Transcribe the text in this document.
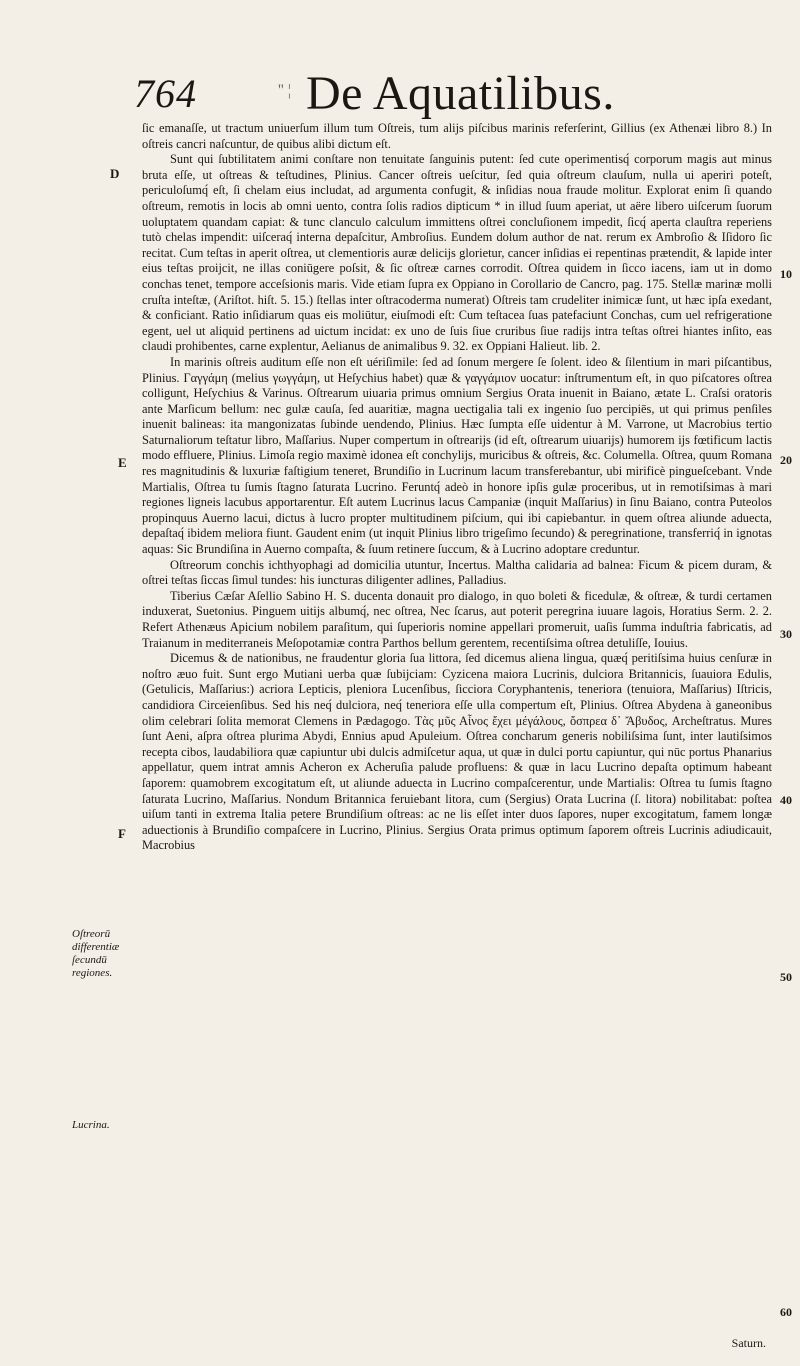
764	'' ¦ De Aquatilibus.
D
E
F
10
20
30
40
50
60
Oſtreorū differentiæ ſecundū regiones.
Lucrina.

ſic emanaſſe, ut tractum uniuerſum illum tum Oſtreis, tum alijs piſcibus marinis referſerint, Gillius (ex Athenæi libro 8.) In oſtreis cancri naſcuntur, de quibus alibi dictum eſt.

Sunt qui ſubtilitatem animi conſtare non tenuitate ſanguinis putent: ſed cute operimentisq́ corporum magis aut minus bruta eſſe, ut oſtreas & teſtudines, Plinius. Cancer oſtreis ueſcitur, ſed quia oſtreum clauſum, nulla ui aperiri poteſt, periculoſumq́ eſt, ſi chelam eius includat, ad argumenta confugit, & inſidias noua fraude molitur. Explorat enim ſi quando oſtreum, remotis in locis ab omni uento, contra ſolis radios dipticum * in illud ſuum aperiat, ut aëre libero uiſcerum ſuorum uoluptatem quandam capiat: & tunc clanculo calculum immittens oſtrei concluſionem impedit, ſicq́ aperta clauſtra reperiens tutò chelas impendit: uiſceraq́ interna depaſcitur, Ambroſius. Eundem dolum author de nat. rerum ex Ambroſio & Iſidoro ſic recitat. Cum teſtas in aperit oſtrea, ut clementioris auræ delicijs glorietur, cancer inſidias ei repentinas prætendit, & lapide inter eius teſtas proijcit, ne illas coniūgere poſsit, & ſic oſtreæ carnes corrodit. Oſtrea quidem in ſicco iacens, iam ut in domo conchas tenet, tempore acceſsionis maris. Vide etiam ſupra ex Oppiano in Corollario de Cancro, pag. 175. Stellæ marinæ molli cruſta inteſtæ, (Ariſtot. hiſt. 5. 15.) ſtellas inter oſtracoderma numerat) Oſtreis tam crudeliter inimicæ ſunt, ut hæc ipſa exedant, & conficiant. Ratio inſidiarum quas eis moliūtur, eiuſmodi eſt: Cum teſtacea ſuas patefaciunt Conchas, cum uel refrigeratione egent, uel ut aliquid pertinens ad uictum incidat: ex uno de ſuis ſiue cruribus ſiue radijs intra teſtas oſtrei hiantes inſito, eas claudi prohibentes, carne explentur, Aelianus de animalibus 9. 32. ex Oppiani Halieut. lib. 2.

In marinis oſtreis auditum eſſe non eſt uériſimile: ſed ad ſonum mergere ſe ſolent. ideo & ſilentium in mari piſcantibus, Plinius. Γαγγάμη (melius γωγγάμη, ut Heſychius habet) quæ & γαγγάμιον uocatur: inſtrumentum eſt, in quo piſcatores oſtrea colligunt, Heſychius & Varinus. Oſtrearum uiuaria primus omnium Sergius Orata inuenit in Baiano, ætate L. Craſsi oratoris ante Marſicum bellum: nec gulæ cauſa, ſed auaritiæ, magna uectigalia tali ex ingenio ſuo percipiēs, ut qui primus penſiles inuenit balineas: ita mangonizatas ſubinde uendendo, Plinius. Hæc ſumpta eſſe uidentur à M. Varrone, ut Macrobius tertio Saturnaliorum teſtatur libro, Maſſarius. Nuper compertum in oſtrearijs (id eſt, oſtrearum uiuarijs) humorem ijs fœtificum lactis modo effluere, Plinius. Limoſa regio maximè idonea eſt conchylijs, muricibus & oſtreis, &c. Columella. Oſtrea, quum Romana res magnitudinis & luxuriæ faſtigium teneret, Brundiſio in Lucrinum lacum transferebantur, ubi mirificè pingueſcebant. Vnde Martialis, Oſtrea tu ſumis ſtagno ſaturata Lucrino. Feruntq́ adeò in honore ipſis gulæ proceribus, ut in remotiſsimas à mari regiones ligneis lacubus apportarentur. Eſt autem Lucrinus lacus Campaniæ (inquit Maſſarius) in ſinu Baiano, contra Puteolos propinquus Auerno lacui, dictus à lucro propter multitudinem piſcium, qui ibi capiebantur. in quem oſtrea aliunde aduecta, depaſtaq́ ibidem meliora fiunt. Gaudent enim (ut inquit Plinius libro trigeſimo ſecundo) & peregrinatione, transferriq́ in ignotas aquas: Sic Brundiſina in Auerno compaſta, & ſuum retinere ſuccum, & à Lucrino adoptare creduntur.

Oſtreorum conchis ichthyophagi ad domicilia utuntur, Incertus. Maltha calidaria ad balnea: Ficum & picem duram, & oſtrei teſtas ſiccas ſimul tundes: his iuncturas diligenter adlines, Palladius.

Tiberius Cæſar Aſellio Sabino H. S. ducenta donauit pro dialogo, in quo boleti & ficedulæ, & oſtreæ, & turdi certamen induxerat, Suetonius. Pinguem uitijs albumq́, nec oſtrea, Nec ſcarus, aut poterit peregrina iuuare lagois, Horatius Serm. 2. 2. Refert Athenæus Apicium nobilem paraſitum, qui ſuperioris nomine appellari promeruit, uaſis ſumma induſtria fabricatis, ad Traianum in mediterraneis Meſopotamiæ contra Parthos bellum gerentem, recentiſsima oſtrea detuliſſe, Iouius.

Dicemus & de nationibus, ne fraudentur gloria ſua littora, ſed dicemus aliena lingua, quæq́ peritiſsima huius cenſuræ in noſtro æuo fuit. Sunt ergo Mutiani uerba quæ ſubijciam: Cyzicena maiora Lucrinis, dulciora Britannicis, ſuauiora Edulis, (Getulicis, Maſſarius:) acriora Lepticis, pleniora Lucenſibus, ſicciora Coryphantenis, teneriora (tenuiora, Maſſarius) Iſtricis, candidiora Circeienſibus. Sed his neq́ dulciora, neq́ teneriora eſſe ulla compertum eſt, Plinius. Oſtrea Abydena à ganeonibus olim celebrari ſolita memorat Clemens in Pædagogo. Τὰς μῦς Αἶνος ἔχει μέγάλους, ὄσπρεα δ᾽ Ἄβυδος, Archeſtratus. Mures ſunt Aeni, aſpra oſtrea plurima Abydi, Ennius apud Apuleium. Oſtrea concharum generis nobiliſsima ſunt, inter lautiſsimos recepta cibos, laudabiliora quæ capiuntur ubi dulcis admiſcetur aqua, ut quæ in dulci portu capiuntur, qui nūc portus Phanarius appellatur, quem intrat amnis Acheron ex Acheruſia palude profluens: & quæ in lacu Lucrino depaſta optimum habeant ſaporem: quamobrem excogitatum eſt, ut aliunde aduecta in Lucrino compaſcerentur, unde Martialis: Oſtrea tu ſumis ſtagno ſaturata Lucrino, Maſſarius. Nondum Britannica feruiebant litora, cum (Sergius) Orata Lucrina (ſ. litora) nobilitabat: poſtea uiſum tanti in extrema Italia petere Brundiſium oſtreas: ac ne lis eſſet inter duos ſapores, nuper excogitatum, famem longæ aduectionis à Brundiſio compaſcere in Lucrino, Plinius. Sergius Orata primus optimum ſaporem oſtreis Lucrinis adiudicauit, Macrobius

Saturn.
